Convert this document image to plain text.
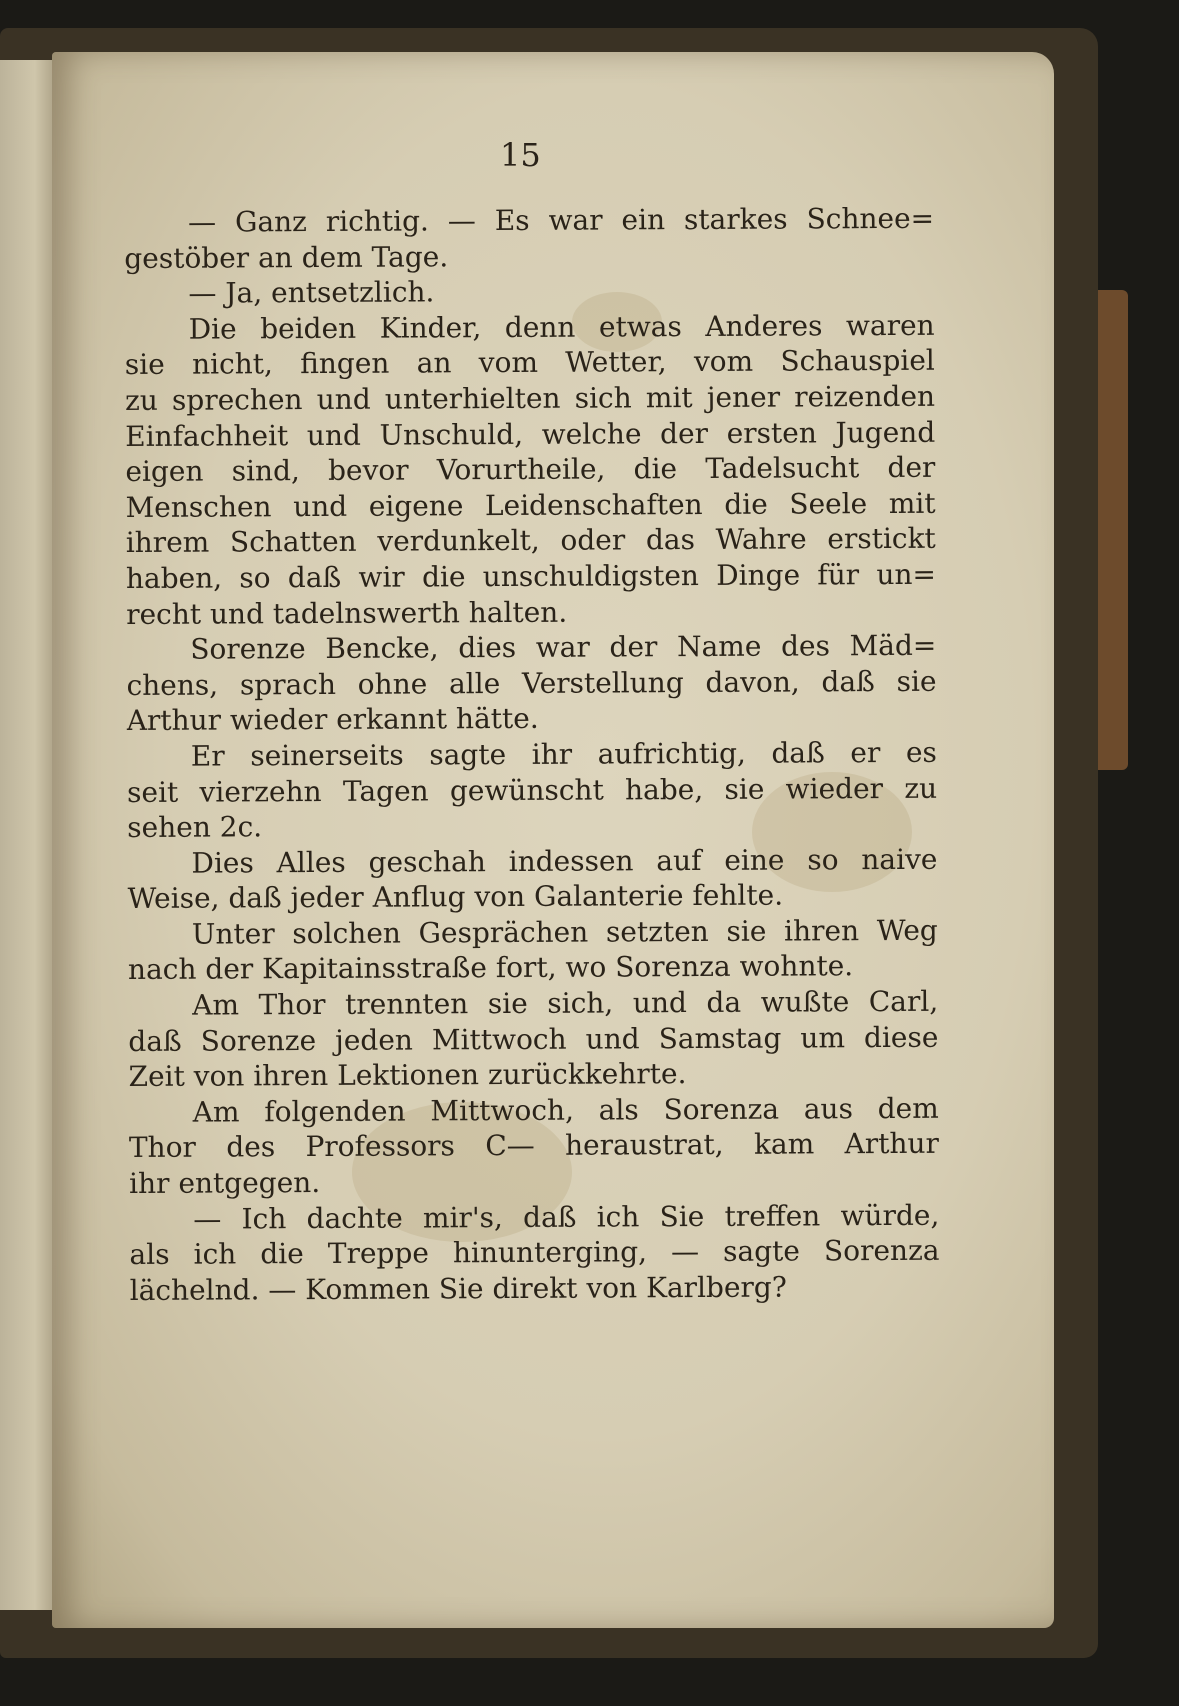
15
— Ganz richtig. — Es war ein starkes Schnee=
gestöber an dem Tage.
— Ja, entsetzlich.
Die beiden Kinder, denn etwas Anderes waren
sie nicht, fingen an vom Wetter, vom Schauspiel
zu sprechen und unterhielten sich mit jener reizenden
Einfachheit und Unschuld, welche der ersten Jugend
eigen sind, bevor Vorurtheile, die Tadelsucht der
Menschen und eigene Leidenschaften die Seele mit
ihrem Schatten verdunkelt, oder das Wahre erstickt
haben, so daß wir die unschuldigsten Dinge für un=
recht und tadelnswerth halten.
Sorenze Bencke, dies war der Name des Mäd=
chens, sprach ohne alle Verstellung davon, daß sie
Arthur wieder erkannt hätte.
Er seinerseits sagte ihr aufrichtig, daß er es
seit vierzehn Tagen gewünscht habe, sie wieder zu
sehen 2c.
Dies Alles geschah indessen auf eine so naive
Weise, daß jeder Anflug von Galanterie fehlte.
Unter solchen Gesprächen setzten sie ihren Weg
nach der Kapitainsstraße fort, wo Sorenza wohnte.
Am Thor trennten sie sich, und da wußte Carl,
daß Sorenze jeden Mittwoch und Samstag um diese
Zeit von ihren Lektionen zurückkehrte.
Am folgenden Mittwoch, als Sorenza aus dem
Thor des Professors C— heraustrat, kam Arthur
ihr entgegen.
— Ich dachte mir's, daß ich Sie treffen würde,
als ich die Treppe hinunterging, — sagte Sorenza
lächelnd. — Kommen Sie direkt von Karlberg?
